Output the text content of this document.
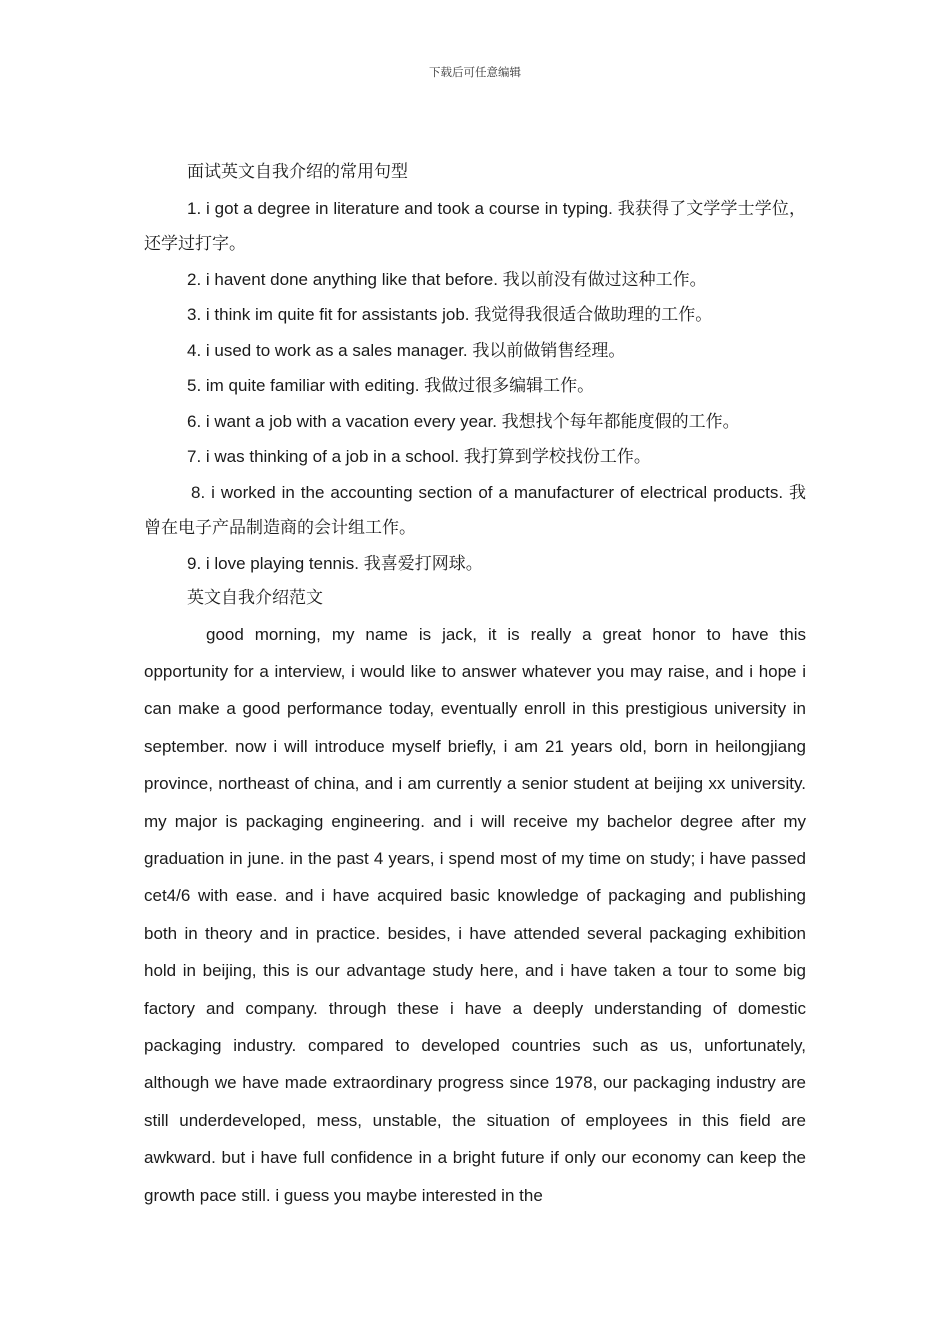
下载后可任意编辑
面试英文自我介绍的常用句型
1. i got a degree in literature and took a course in typing. 我获得了文学学士学位，还学过打字。
2. i havent done anything like that before. 我以前没有做过这种工作。
3. i think im quite fit for assistants job. 我觉得我很适合做助理的工作。
4. i used to work as a sales manager. 我以前做销售经理。
5. im quite familiar with editing. 我做过很多编辑工作。
6. i want a job with a vacation every year. 我想找个每年都能度假的工作。
7. i was thinking of a job in a school. 我打算到学校找份工作。
8. i worked in the accounting section of a manufacturer of electrical products. 我曾在电子产品制造商的会计组工作。
9. i love playing tennis. 我喜爱打网球。
英文自我介绍范文
good morning, my name is jack, it is really a great honor to have this opportunity for a interview, i would like to answer whatever you may raise, and i hope i can make a good performance today, eventually enroll in this prestigious university in september. now i will introduce myself briefly, i am 21 years old, born in heilongjiang province, northeast of china, and i am currently a senior student at beijing xx university. my major is packaging engineering. and i will receive my bachelor degree after my graduation in june. in the past 4 years, i spend most of my time on study; i have passed cet4/6 with ease. and i have acquired basic knowledge of packaging and publishing both in theory and in practice. besides, i have attended several packaging exhibition hold in beijing, this is our advantage study here, and i have taken a tour to some big factory and company. through these i have a deeply understanding of domestic packaging industry. compared to developed countries such as us, unfortunately, although we have made extraordinary progress since 1978, our packaging industry are still underdeveloped, mess, unstable, the situation of employees in this field are awkward. but i have full confidence in a bright future if only our economy can keep the growth pace still. i guess you maybe interested in the
